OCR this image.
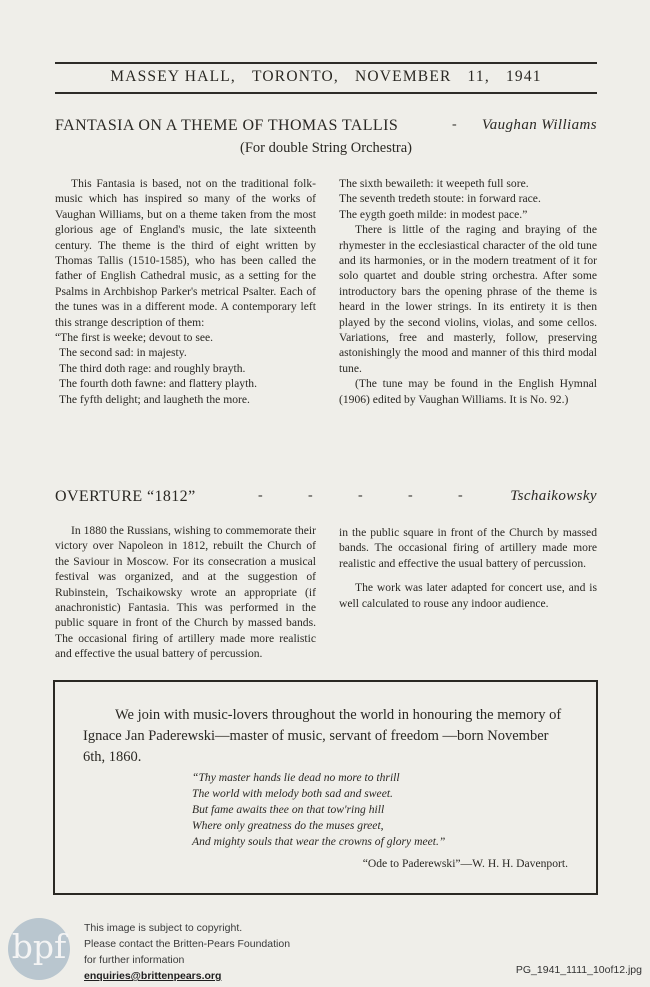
MASSEY HALL, TORONTO, NOVEMBER 11, 1941
FANTASIA ON A THEME OF THOMAS TALLIS	- Vaughan Williams
(For double String Orchestra)

This Fantasia is based, not on the traditional folk-music which has inspired so many of the works of Vaughan Williams, but on a theme taken from the most glorious age of England's music, the late sixteenth century. The theme is the third of eight written by Thomas Tallis (1510-1585), who has been called the father of English Cathedral music, as a setting for the Psalms in Archbishop Parker's metrical Psalter. Each of the tunes was in a different mode. A contemporary left this strange description of them:

“The first is weeke; devout to see.
The second sad: in majesty.
The third doth rage: and roughly brayth.
The fourth doth fawne: and flattery playth.
The fyfth delight; and laugheth the more.
The sixth bewaileth: it weepeth full sore.
The seventh tredeth stoute: in forward race.
The eygth goeth milde: in modest pace.”

There is little of the raging and braying of the rhymester in the ecclesiastical character of the old tune and its harmonies, or in the modern treatment of it for solo quartet and double string orchestra. After some introductory bars the opening phrase of the theme is heard in the lower strings. In its entirety it is then played by the second violins, violas, and some cellos. Variations, free and masterly, follow, preserving astonishingly the mood and manner of this third modal tune.

(The tune may be found in the English Hymnal (1906) edited by Vaughan Williams. It is No. 92.)

OVERTURE “1812”	-	-	-	-	-	Tschaikowsky

In 1880 the Russians, wishing to commemorate their victory over Napoleon in 1812, rebuilt the Church of the Saviour in Moscow. For its consecration a musical festival was organized, and at the suggestion of Rubinstein, Tschaikowsky wrote an appropriate (if anachronistic) Fantasia. This was performed in the public square in front of the Church by massed bands. The occasional firing of artillery made more realistic and effective the usual battery of percussion.

in the public square in front of the Church by massed bands. The occasional firing of artillery made more realistic and effective the usual battery of percussion.

The work was later adapted for concert use, and is well calculated to rouse any indoor audience.

We join with music-lovers throughout the world in honouring the memory of Ignace Jan Paderewski—master of music, servant of freedom —born November 6th, 1860.
“Thy master hands lie dead no more to thrill
The world with melody both sad and sweet.
But fame awaits thee on that tow'ring hill
Where only greatness do the muses greet,
And mighty souls that wear the crowns of glory meet.”
“Ode to Paderewski”—W. H. H. Davenport.
bpf	This image is subject to copyright.
Please contact the Britten-Pears Foundation
for further information
enquiries@brittenpears.org	PG_1941_1111_10of12.jpg
